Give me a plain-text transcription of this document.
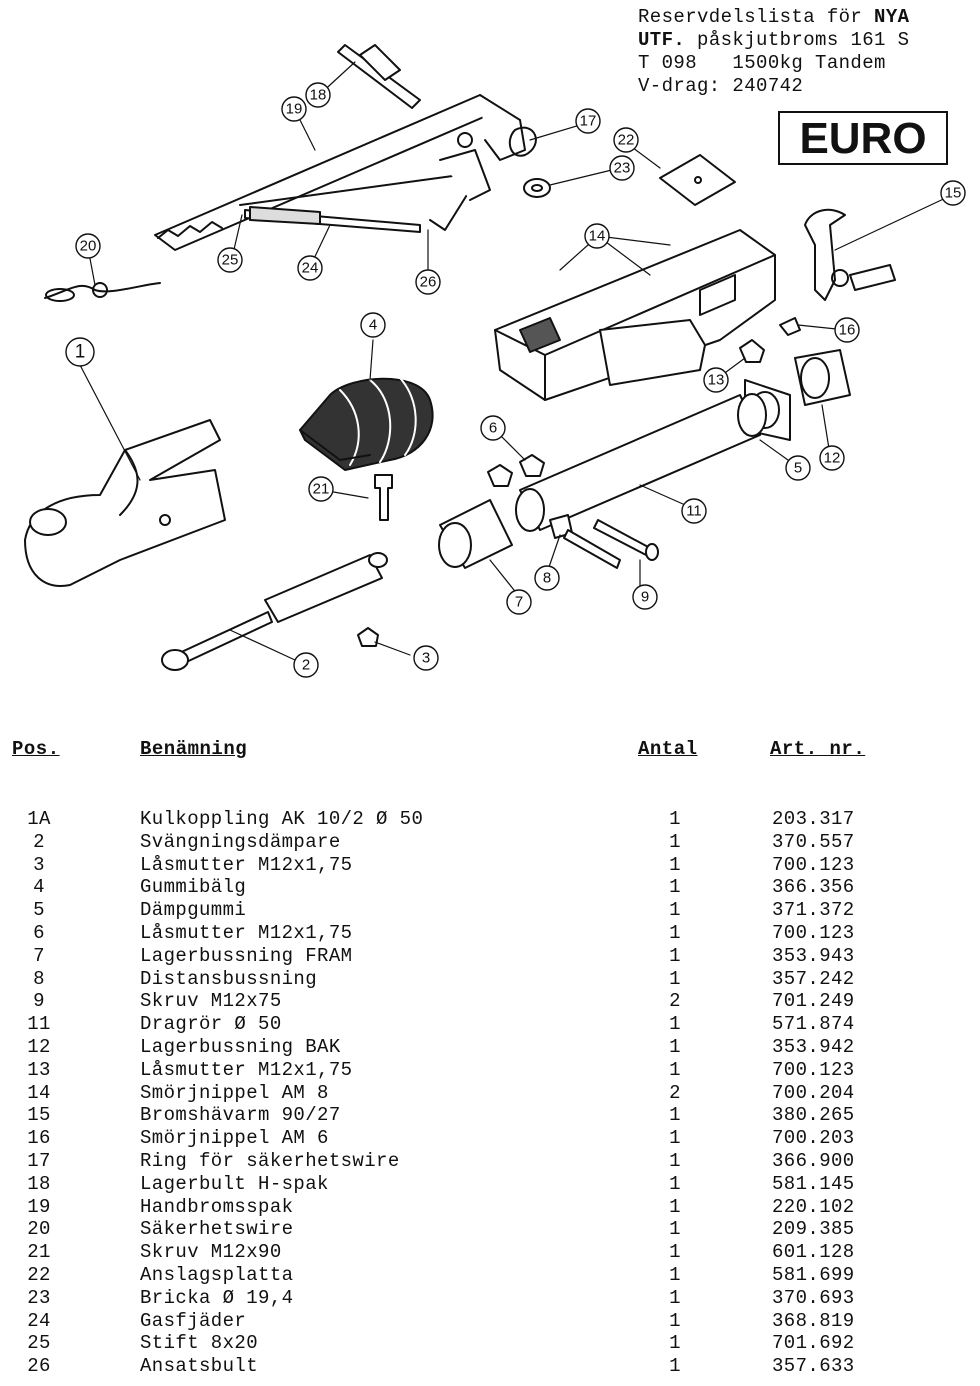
Reservdelslista för NYA
UTF. påskjutbroms 161 S
T 098   1500kg Tandem
V-drag: 240742
EURO
1
2	3
4
5
6
7
8
9
11
12
13
14
15
16
17
18
19
20
21
22
23
24
25
26
Pos.	Benämning	Antal	Art. nr.
1A	Kulkoppling AK 10/2 Ø 50	1	203.317
2	Svängningsdämpare	1	370.557
3	Låsmutter M12x1,75	1	700.123
4	Gummibälg	1	366.356
5	Dämpgummi	1	371.372
6	Låsmutter M12x1,75	1	700.123
7	Lagerbussning FRAM	1	353.943
8	Distansbussning	1	357.242
9	Skruv M12x75	2	701.249
11	Dragrör Ø 50	1	571.874
12	Lagerbussning BAK	1	353.942
13	Låsmutter M12x1,75	1	700.123
14	Smörjnippel AM 8	2	700.204
15	Bromshävarm 90/27	1	380.265
16	Smörjnippel AM 6	1	700.203
17	Ring för säkerhetswire	1	366.900
18	Lagerbult H-spak	1	581.145
19	Handbromsspak	1	220.102
20	Säkerhetswire	1	209.385
21	Skruv M12x90	1	601.128
22	Anslagsplatta	1	581.699
23	Bricka Ø 19,4	1	370.693
24	Gasfjäder	1	368.819
25	Stift 8x20	1	701.692
26	Ansatsbult	1	357.633
